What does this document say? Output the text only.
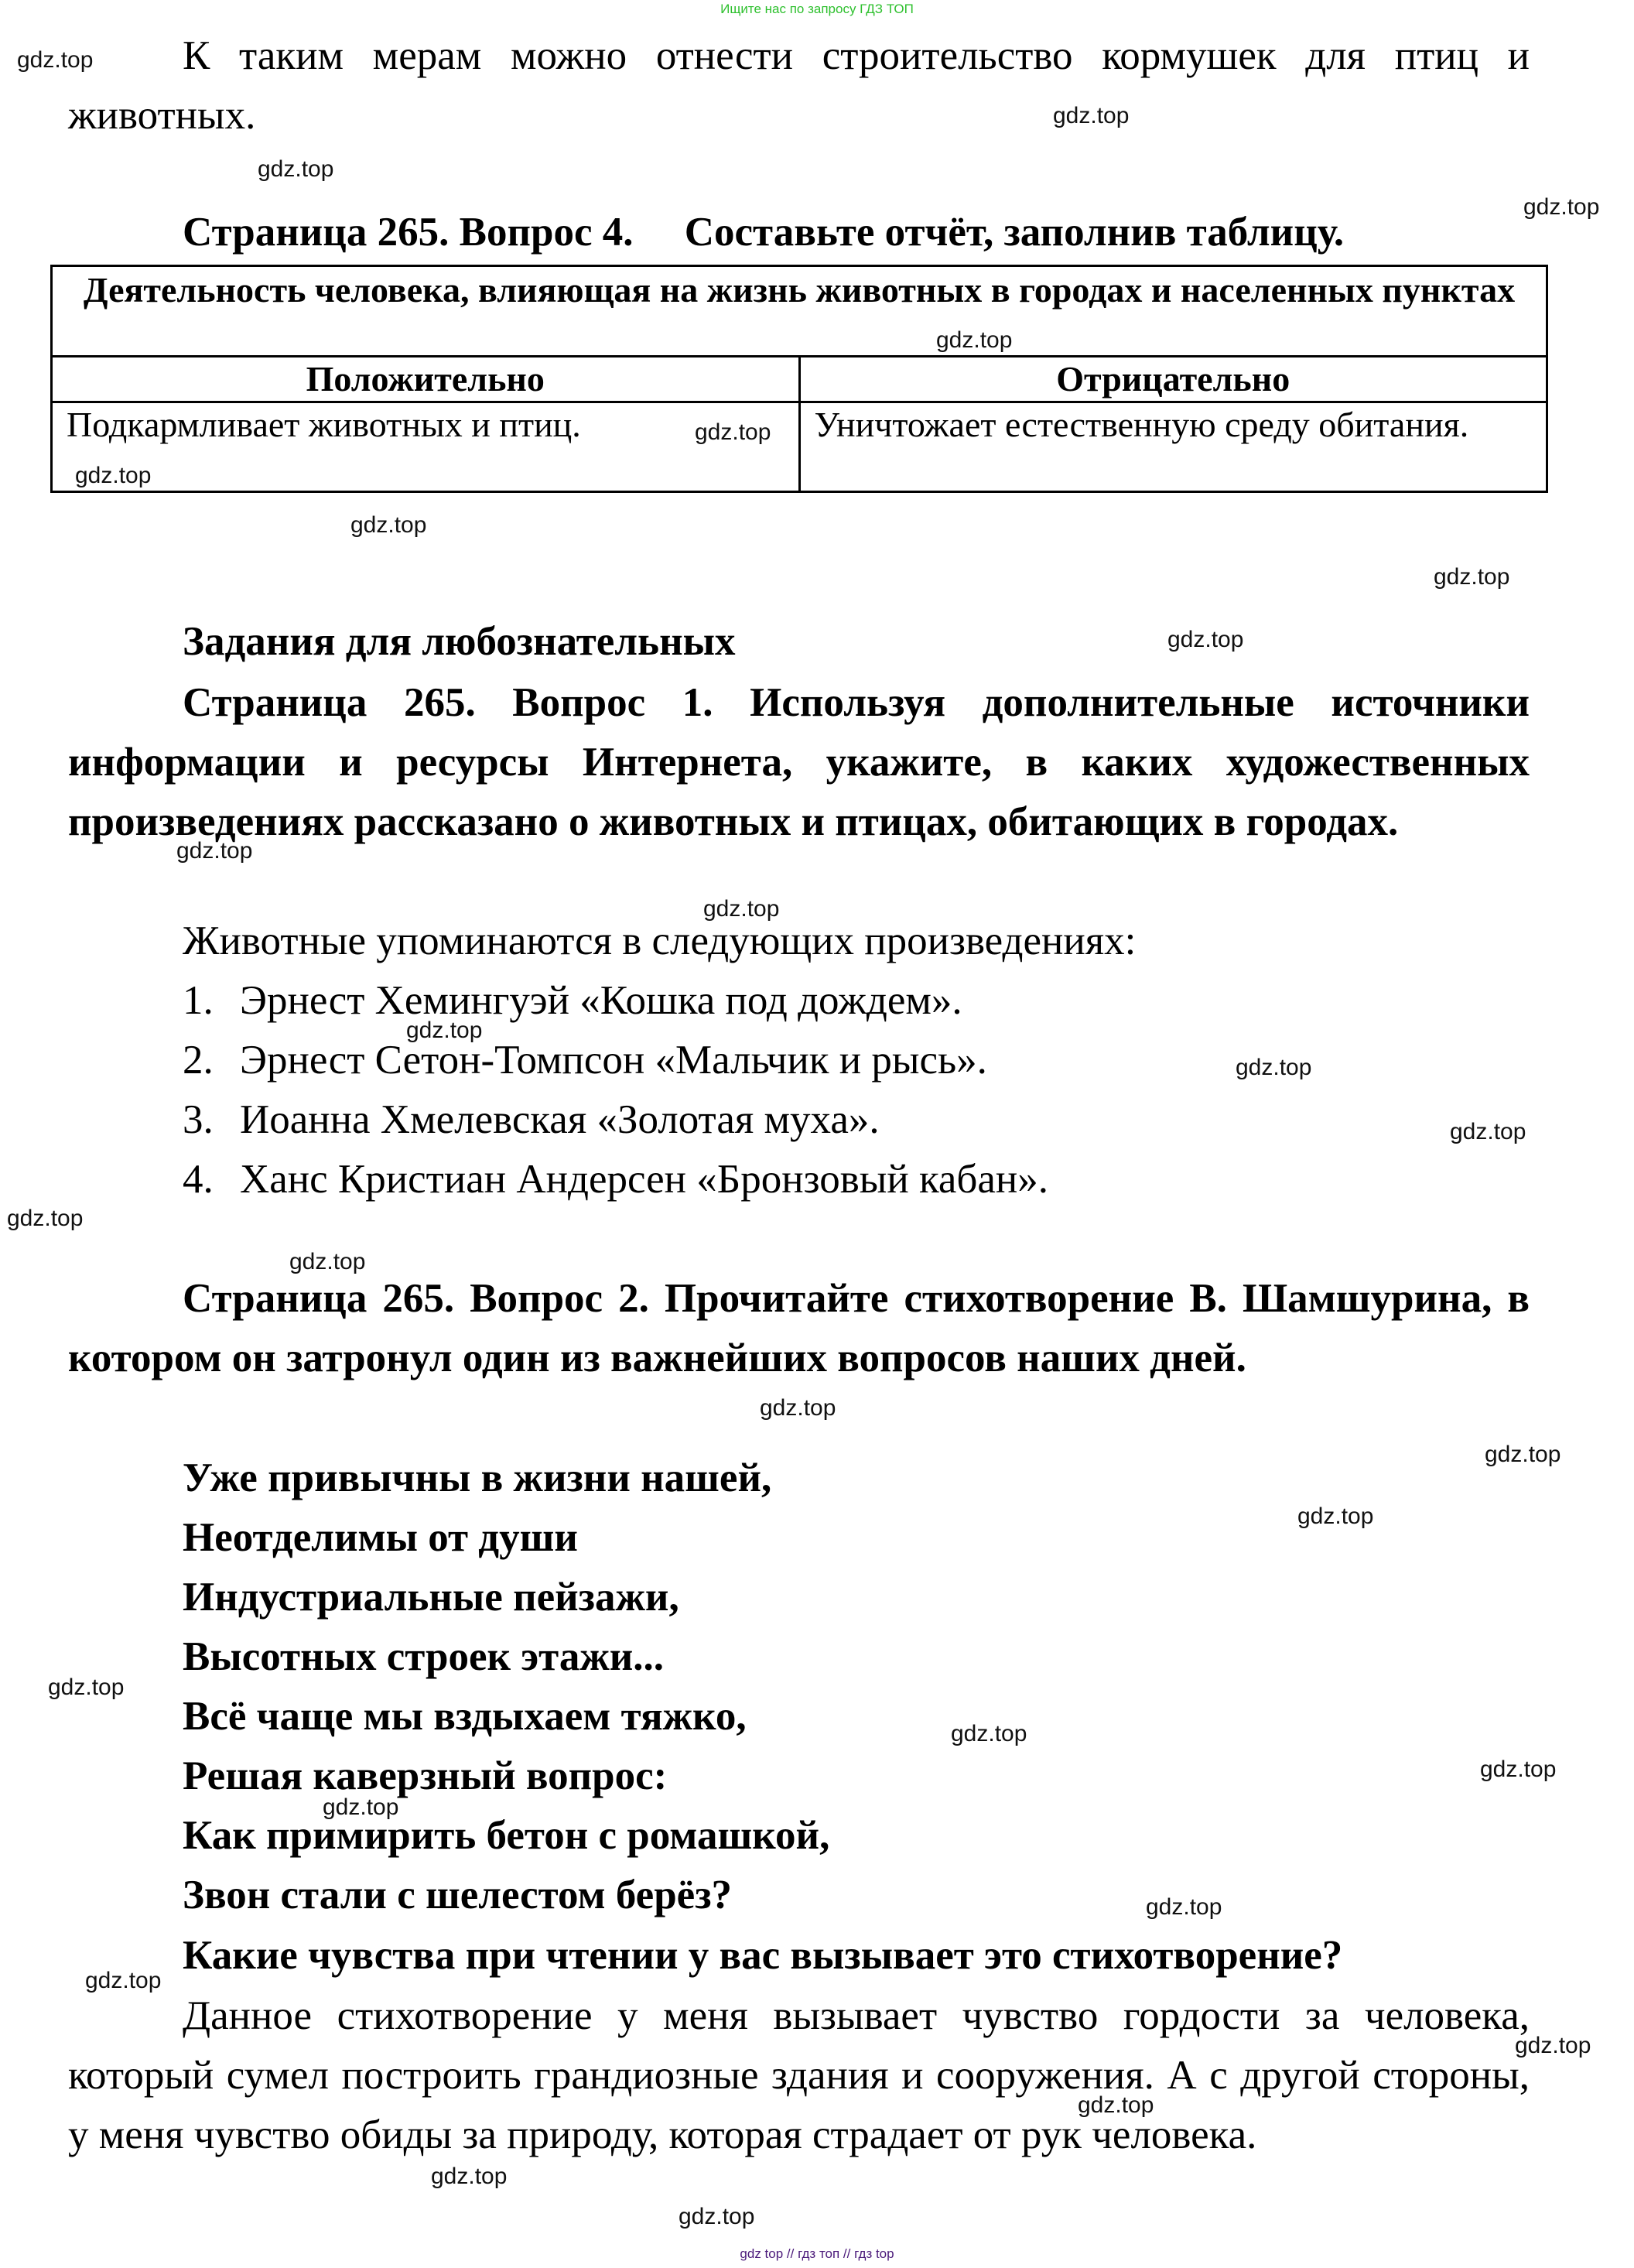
Ищите нас по запросу ГДЗ ТОП
К таким мерам можно отнести строительство кормушек для птиц и животных.
Страница 265. Вопрос 4.     Составьте отчёт, заполнив таблицу.
Деятельность человека, влияющая на жизнь животных в городах и населенных пунктах	
Положительно	Отрицательно
Подкармливает животных и птиц.	Уничтожает естественную среду обитания.
Задания для любознательных
Страница 265. Вопрос 1. Используя дополнительные источники информации и ресурсы Интернета, укажите, в каких художественных произведениях рассказано о животных и птицах, обитающих в городах.
Животные упоминаются в следующих произведениях:
1. Эрнест Хемингуэй «Кошка под дождем».
2. Эрнест Сетон-Томпсон «Мальчик и рысь».
3. Иоанна Хмелевская «Золотая муха».
4. Ханс Кристиан Андерсен «Бронзовый кабан».
Страница 265. Вопрос 2. Прочитайте стихотворение В. Шамшурина, в котором он затронул один из важнейших вопросов наших дней.
Уже привычны в жизни нашей,
Неотделимы от души
Индустриальные пейзажи,
Высотных строек этажи...
Всё чаще мы вздыхаем тяжко,
Решая каверзный вопрос:
Как примирить бетон с ромашкой,
Звон стали с шелестом берёз?
Какие чувства при чтении у вас вызывает это стихотворение?
Данное стихотворение у меня вызывает чувство гордости за человека, который сумел построить грандиозные здания и сооружения. А с другой стороны, у меня чувство обиды за природу, которая страдает от рук человека.
gdz top // гдз топ // гдз top
gdz.top
gdz.top
gdz.top
gdz.top
gdz.top
gdz.top
gdz.top
gdz.top
gdz.top
gdz.top
gdz.top
gdz.top
gdz.top
gdz.top
gdz.top
gdz.top
gdz.top
gdz.top
gdz.top
gdz.top
gdz.top
gdz.top
gdz.top
gdz.top
gdz.top
gdz.top
gdz.top
gdz.top
gdz.top
gdz.top
